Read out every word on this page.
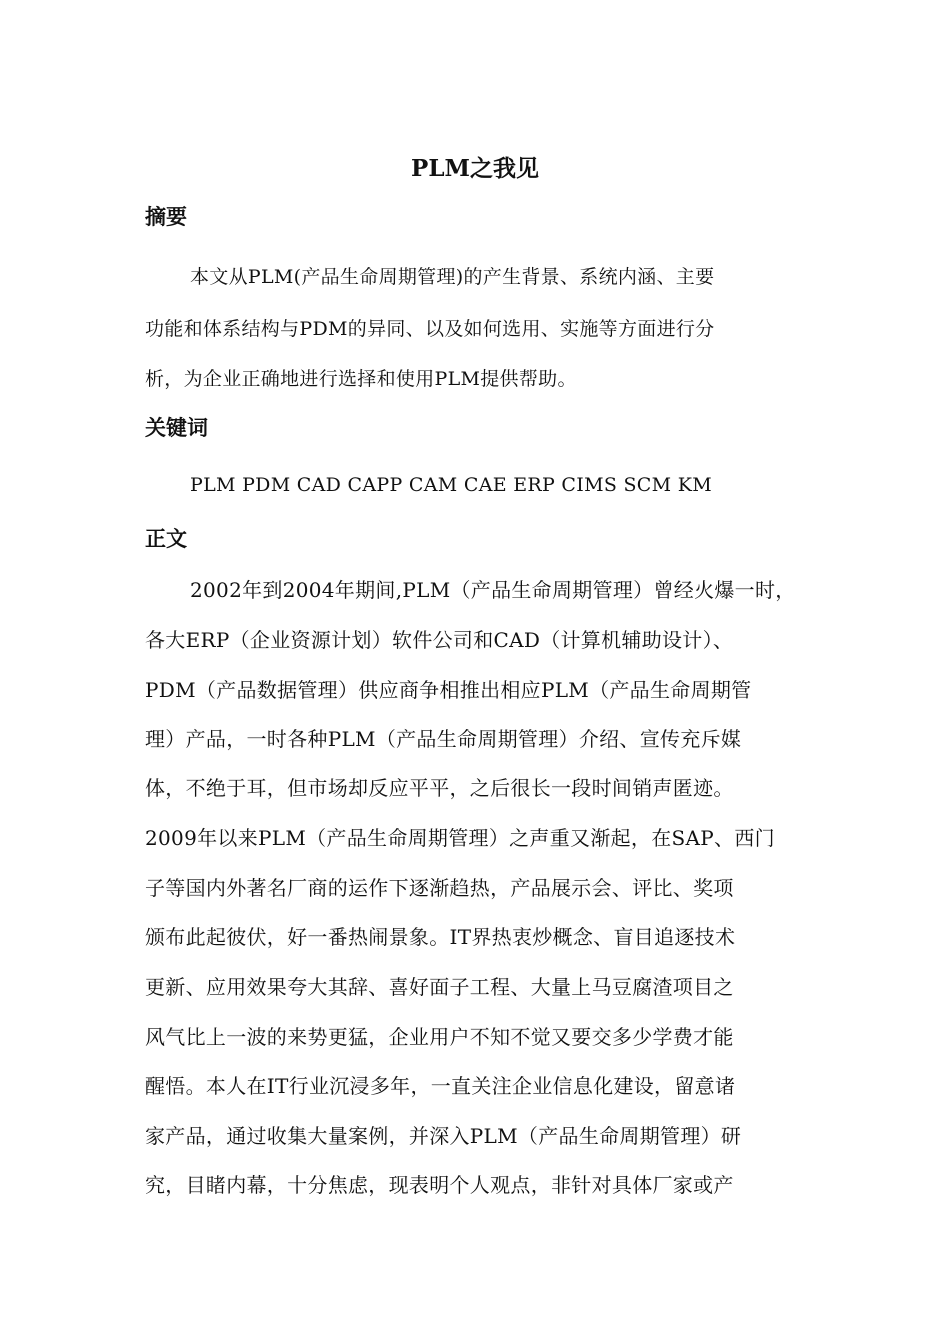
PLM之我见
摘要
本文从PLM(产品生命周期管理)的产生背景、系统内涵、主要
功能和体系结构与PDM的异同、以及如何选用、实施等方面进行分
析，为企业正确地进行选择和使用PLM提供帮助。
关键词
PLM PDM CAD CAPP CAM CAE ERP CIMS SCM KM
正文
2002年到2004年期间,PLM（产品生命周期管理）曾经火爆一时，
各大ERP（企业资源计划）软件公司和CAD（计算机辅助设计）、
PDM（产品数据管理）供应商争相推出相应PLM（产品生命周期管
理）产品，一时各种PLM（产品生命周期管理）介绍、宣传充斥媒
体，不绝于耳，但市场却反应平平，之后很长一段时间销声匿迹。
2009年以来PLM（产品生命周期管理）之声重又渐起，在SAP、西门
子等国内外著名厂商的运作下逐渐趋热，产品展示会、评比、奖项
颁布此起彼伏，好一番热闹景象。IT界热衷炒概念、盲目追逐技术
更新、应用效果夸大其辞、喜好面子工程、大量上马豆腐渣项目之
风气比上一波的来势更猛，企业用户不知不觉又要交多少学费才能
醒悟。本人在IT行业沉浸多年，一直关注企业信息化建设，留意诸
家产品，通过收集大量案例，并深入PLM（产品生命周期管理）研
究，目睹内幕，十分焦虑，现表明个人观点，非针对具体厂家或产
